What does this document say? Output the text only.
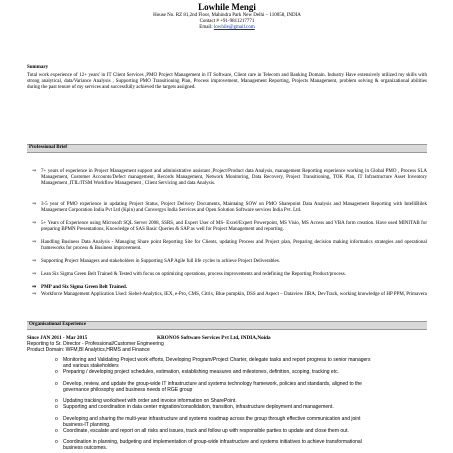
Lowhile Mengi
House No. RZ 81,2nd Floor, Mahindra Park New Delhi – 110058, INDIA
Contact # +91-9811217771
Email: lowhile@gmail.com
Summary
Total work experience of 12+ years' in IT Client Services ,PMO Project Management in IT Software, Client care in Telecom and Banking Domain. Industry Have extensively utilized my skills with strong analytical, data/Variance Analysis , Supporting PMO Transitioning Plan, Process improvement, Management Reporting, Projects Management, problem solving & organizational abilities during the past tenure of my services and successfully achieved the targets assigned.
Professional Brief
⇒ 7+ years of experience in Project Management support and administrative assistant ,Project/Product data Analysis, management Reporting experience working in Global PMO , Process SLA Management, Customer Accounts/Defect management, Records Management, Network Monitoring, Data Recovery, Project Transitioning, TOK Plan, IT Infrastructure Asset Inventory Management ,ITIL/ITSM Workflow Management , Client Servicing and data Analysis.
⇒ 3-5 year of PMO experience in updating Project Status, Project Delivery Documents, Maintaing SOW on PMO Sharepoint Data Analysis and Management Reporting with IntelliBilek Management Corporation India Pvt Ltd (Kpin) and Convergys India Services and Open Solution Software services India Pvt. Ltd.
⇒ 5+ Years of Experience using Microsoft SQL Server 2008, SSRS, and Expert User of MS- Excel/Expert Powerpoint, MS Visio, MS Access and VBA form creation. Have used MINITAB for preparing BPMN Presentations, Knowledge of SAS Basic Queries & SAP as well for Project Management and reporting.
⇒ Handling Business Data Analysis - Managing Share point Reporting Site for Clients, updating Process and Project plan, Preparing decision making informatics strategies and operational frameworks for process & Business improvement.
⇒ Supporting Project Managers and stakeholders in Supporting SAP Agile full life cycles to achieve Project Deliverables.
⇒ Lean Six Sigma Green Belt Trained & Tested with focus on optimizing operations, process improvements and redefining the Reporting Product/process.
⇒ PMP and Six Sigma Green Belt Trained.
⇒ Workforce Management Application Used: Siebel-Analytics, IEX, e-Pro, CMS, Citrix, Blue pumpkin, DSS and Aspect – Dataview JIRA, DevTrack, working knowledge of HP PPM, Primavera
Organisational Experience
Since JAN 2011 - Mar 2015	KRONOS Software Services Pvt Ltd, INDIA,Noida
Reporting to Sr. Director - Professional/Customer Engineering
Product Domain: WFM,BI Analytics,HRMS and Finance
o Monitoring and Validating Project work efforts, Developing Program/Project Charter, delegate tasks and report progress to senior managers and various stakeholders
o Preparing / developing project schedules, estimation, establishing measures and milestones, definition, scoping, tracking etc.
o Develop, review, and update the group-wide IT infrastructure and systems technology framework, policies and standards, aligned to the governance philosophy and business needs of RGE group
o Updating tracking worksheet with order and invoice information on SharePoint.
o Supporting and coordination in data center migration/consolidation, transition, infrastructure deployment and management.
o Developing and sharing the multi-year infrastructure and systems roadmap across the group through effective communication and joint business-IT planning.
o Coordinate, escalate and report on all risks and issues, track and follow up with responsible parties to update and close them out.
o Coordination in planning, budgeting and implementation of group-wide infrastructure and systems initiatives to achieve transformational business outcomes.
